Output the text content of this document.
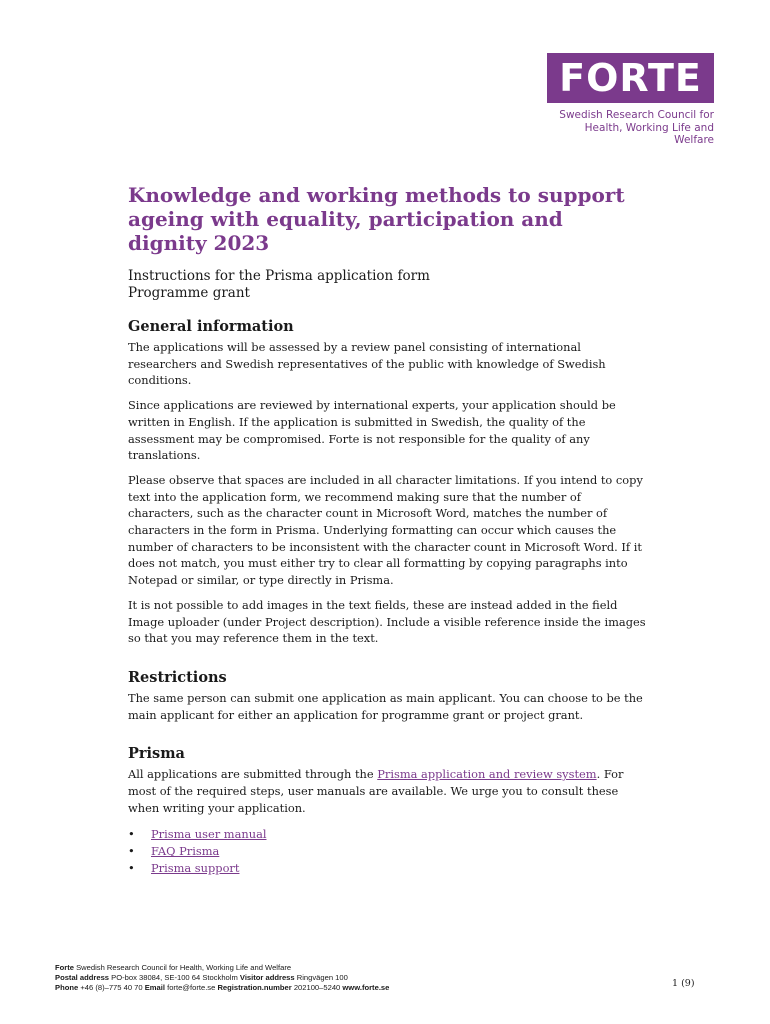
FORTE
Swedish Research Council for
Health, Working Life and Welfare
Knowledge and working methods to support ageing with equality, participation and dignity 2023
Instructions for the Prisma application form
Programme grant
General information

The applications will be assessed by a review panel consisting of international researchers and Swedish representatives of the public with knowledge of Swedish conditions.

Since applications are reviewed by international experts, your application should be written in English. If the application is submitted in Swedish, the quality of the assessment may be compromised. Forte is not responsible for the quality of any translations.

Please observe that spaces are included in all character limitations. If you intend to copy text into the application form, we recommend making sure that the number of characters, such as the character count in Microsoft Word, matches the number of characters in the form in Prisma. Underlying formatting can occur which causes the number of characters to be inconsistent with the character count in Microsoft Word. If it does not match, you must either try to clear all formatting by copying paragraphs into Notepad or similar, or type directly in Prisma.

It is not possible to add images in the text fields, these are instead added in the field Image uploader (under Project description). Include a visible reference inside the images so that you may reference them in the text.

Restrictions

The same person can submit one application as main applicant. You can choose to be the main applicant for either an application for programme grant or project grant.

Prisma

All applications are submitted through the Prisma application and review system. For most of the required steps, user manuals are available. We urge you to consult these when writing your application.

• Prisma user manual
• FAQ Prisma
• Prisma support
Forte Swedish Research Council for Health, Working Life and Welfare
Postal address PO-box 38084, SE-100 64 Stockholm Visitor address Ringvägen 100
Phone +46 (8)–775 40 70 Email forte@forte.se Registration.number 202100–5240 www.forte.se	1 (9)
